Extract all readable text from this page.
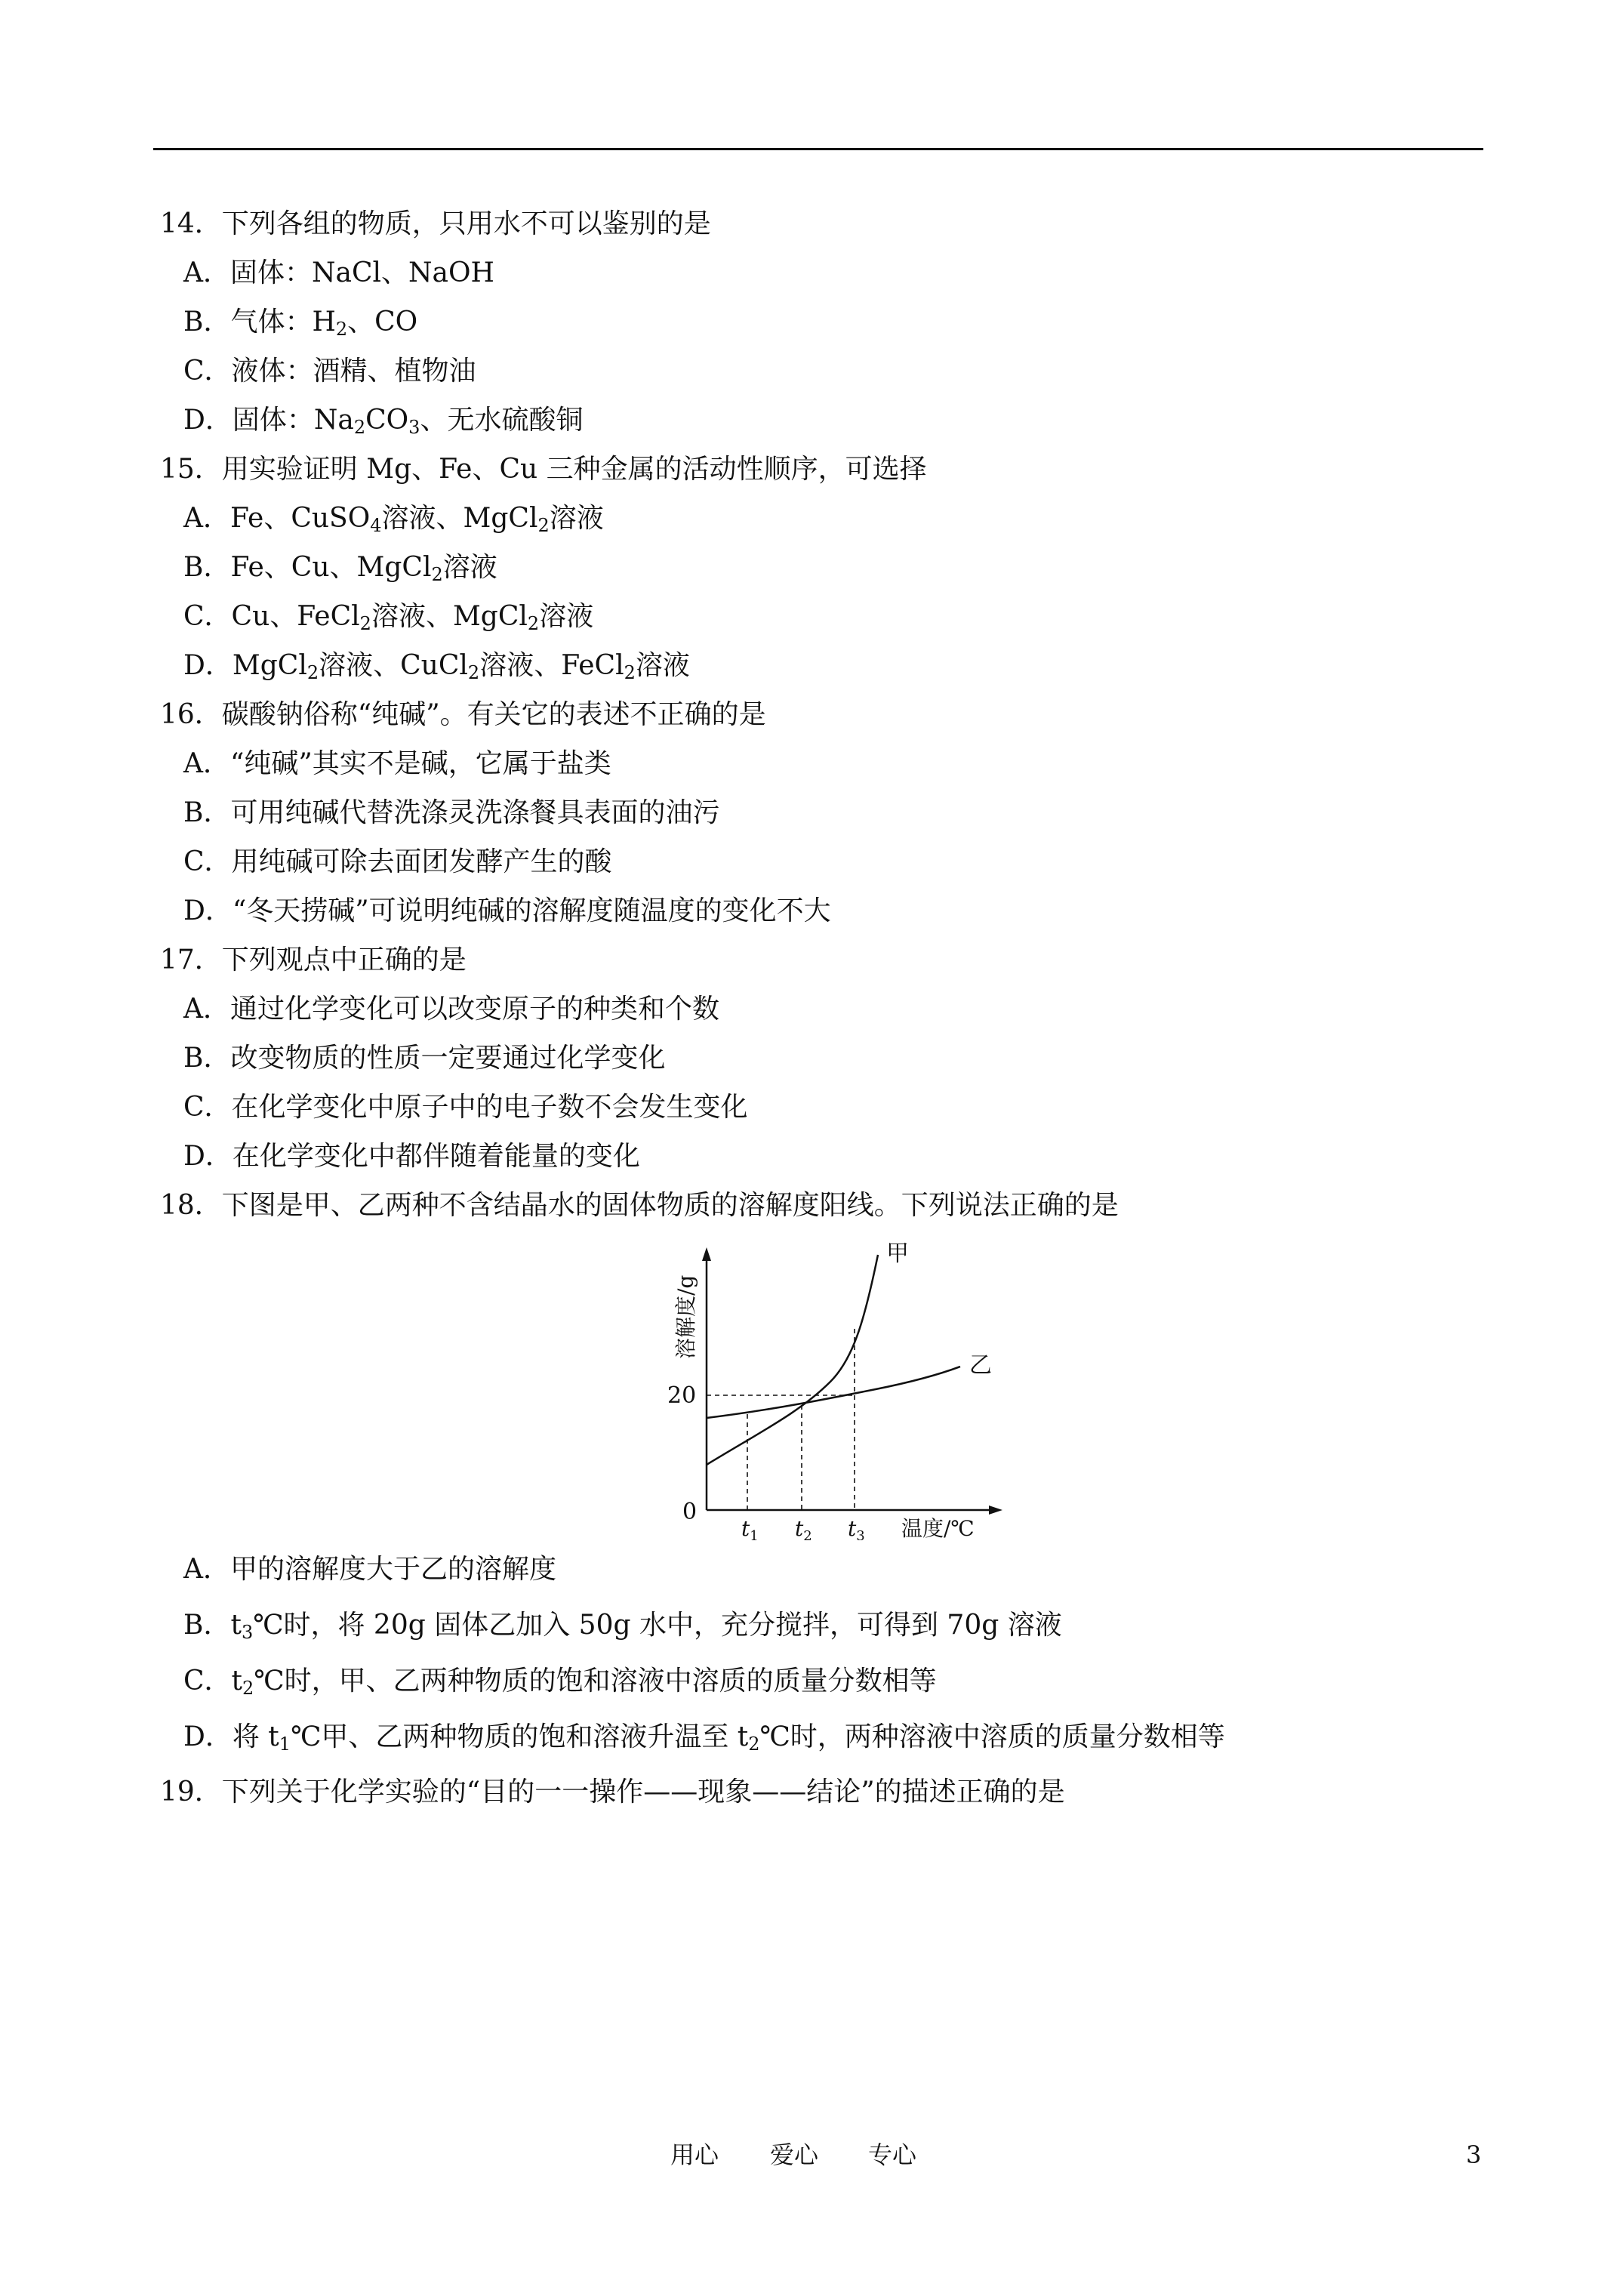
14．下列各组的物质，只用水不可以鉴别的是
A．固体：NaCl、NaOH
B．气体：$H_2$、CO
C．液体：酒精、植物油
D．固体：$Na_2CO_3$、无水硫酸铜
15．用实验证明 Mg、Fe、Cu 三种金属的活动性顺序，可选择
A．Fe、CuSO$_4$溶液、MgCl$_2$溶液
B．Fe、Cu、MgCl$_2$溶液
C．Cu、FeCl$_2$溶液、MgCl$_2$溶液
D．MgCl$_2$溶液、CuCl$_2$溶液、FeCl$_2$溶液
16．碳酸钠俗称“纯碱”。有关它的表述不正确的是
A．“纯碱”其实不是碱，它属于盐类
B．可用纯碱代替洗涤灵洗涤餐具表面的油污
C．用纯碱可除去面团发酵产生的酸
D．“冬天捞碱”可说明纯碱的溶解度随温度的变化不大
17．下列观点中正确的是
A．通过化学变化可以改变原子的种类和个数
B．改变物质的性质一定要通过化学变化
C．在化学变化中原子中的电子数不会发生变化
D．在化学变化中都伴随着能量的变化
18．下图是甲、乙两种不含结晶水的固体物质的溶解度阳线。下列说法正确的是
甲
乙
20
0
溶解度/g
$t_1$ $t_2$ $t_3$ 温度/℃
A．甲的溶解度大于乙的溶解度
B．$t_3℃$时，将 20g 固体乙加入 50g 水中，充分搅拌，可得到 70g 溶液
C．$t_2℃$时，甲、乙两种物质的饱和溶液中溶质的质量分数相等
D．将 $t_1℃$甲、乙两种物质的饱和溶液升温至 $t_2℃$时，两种溶液中溶质的质量分数相等
19．下列关于化学实验的“目的一一操作——现象——结论”的描述正确的是
用心 爱心 专心	3
